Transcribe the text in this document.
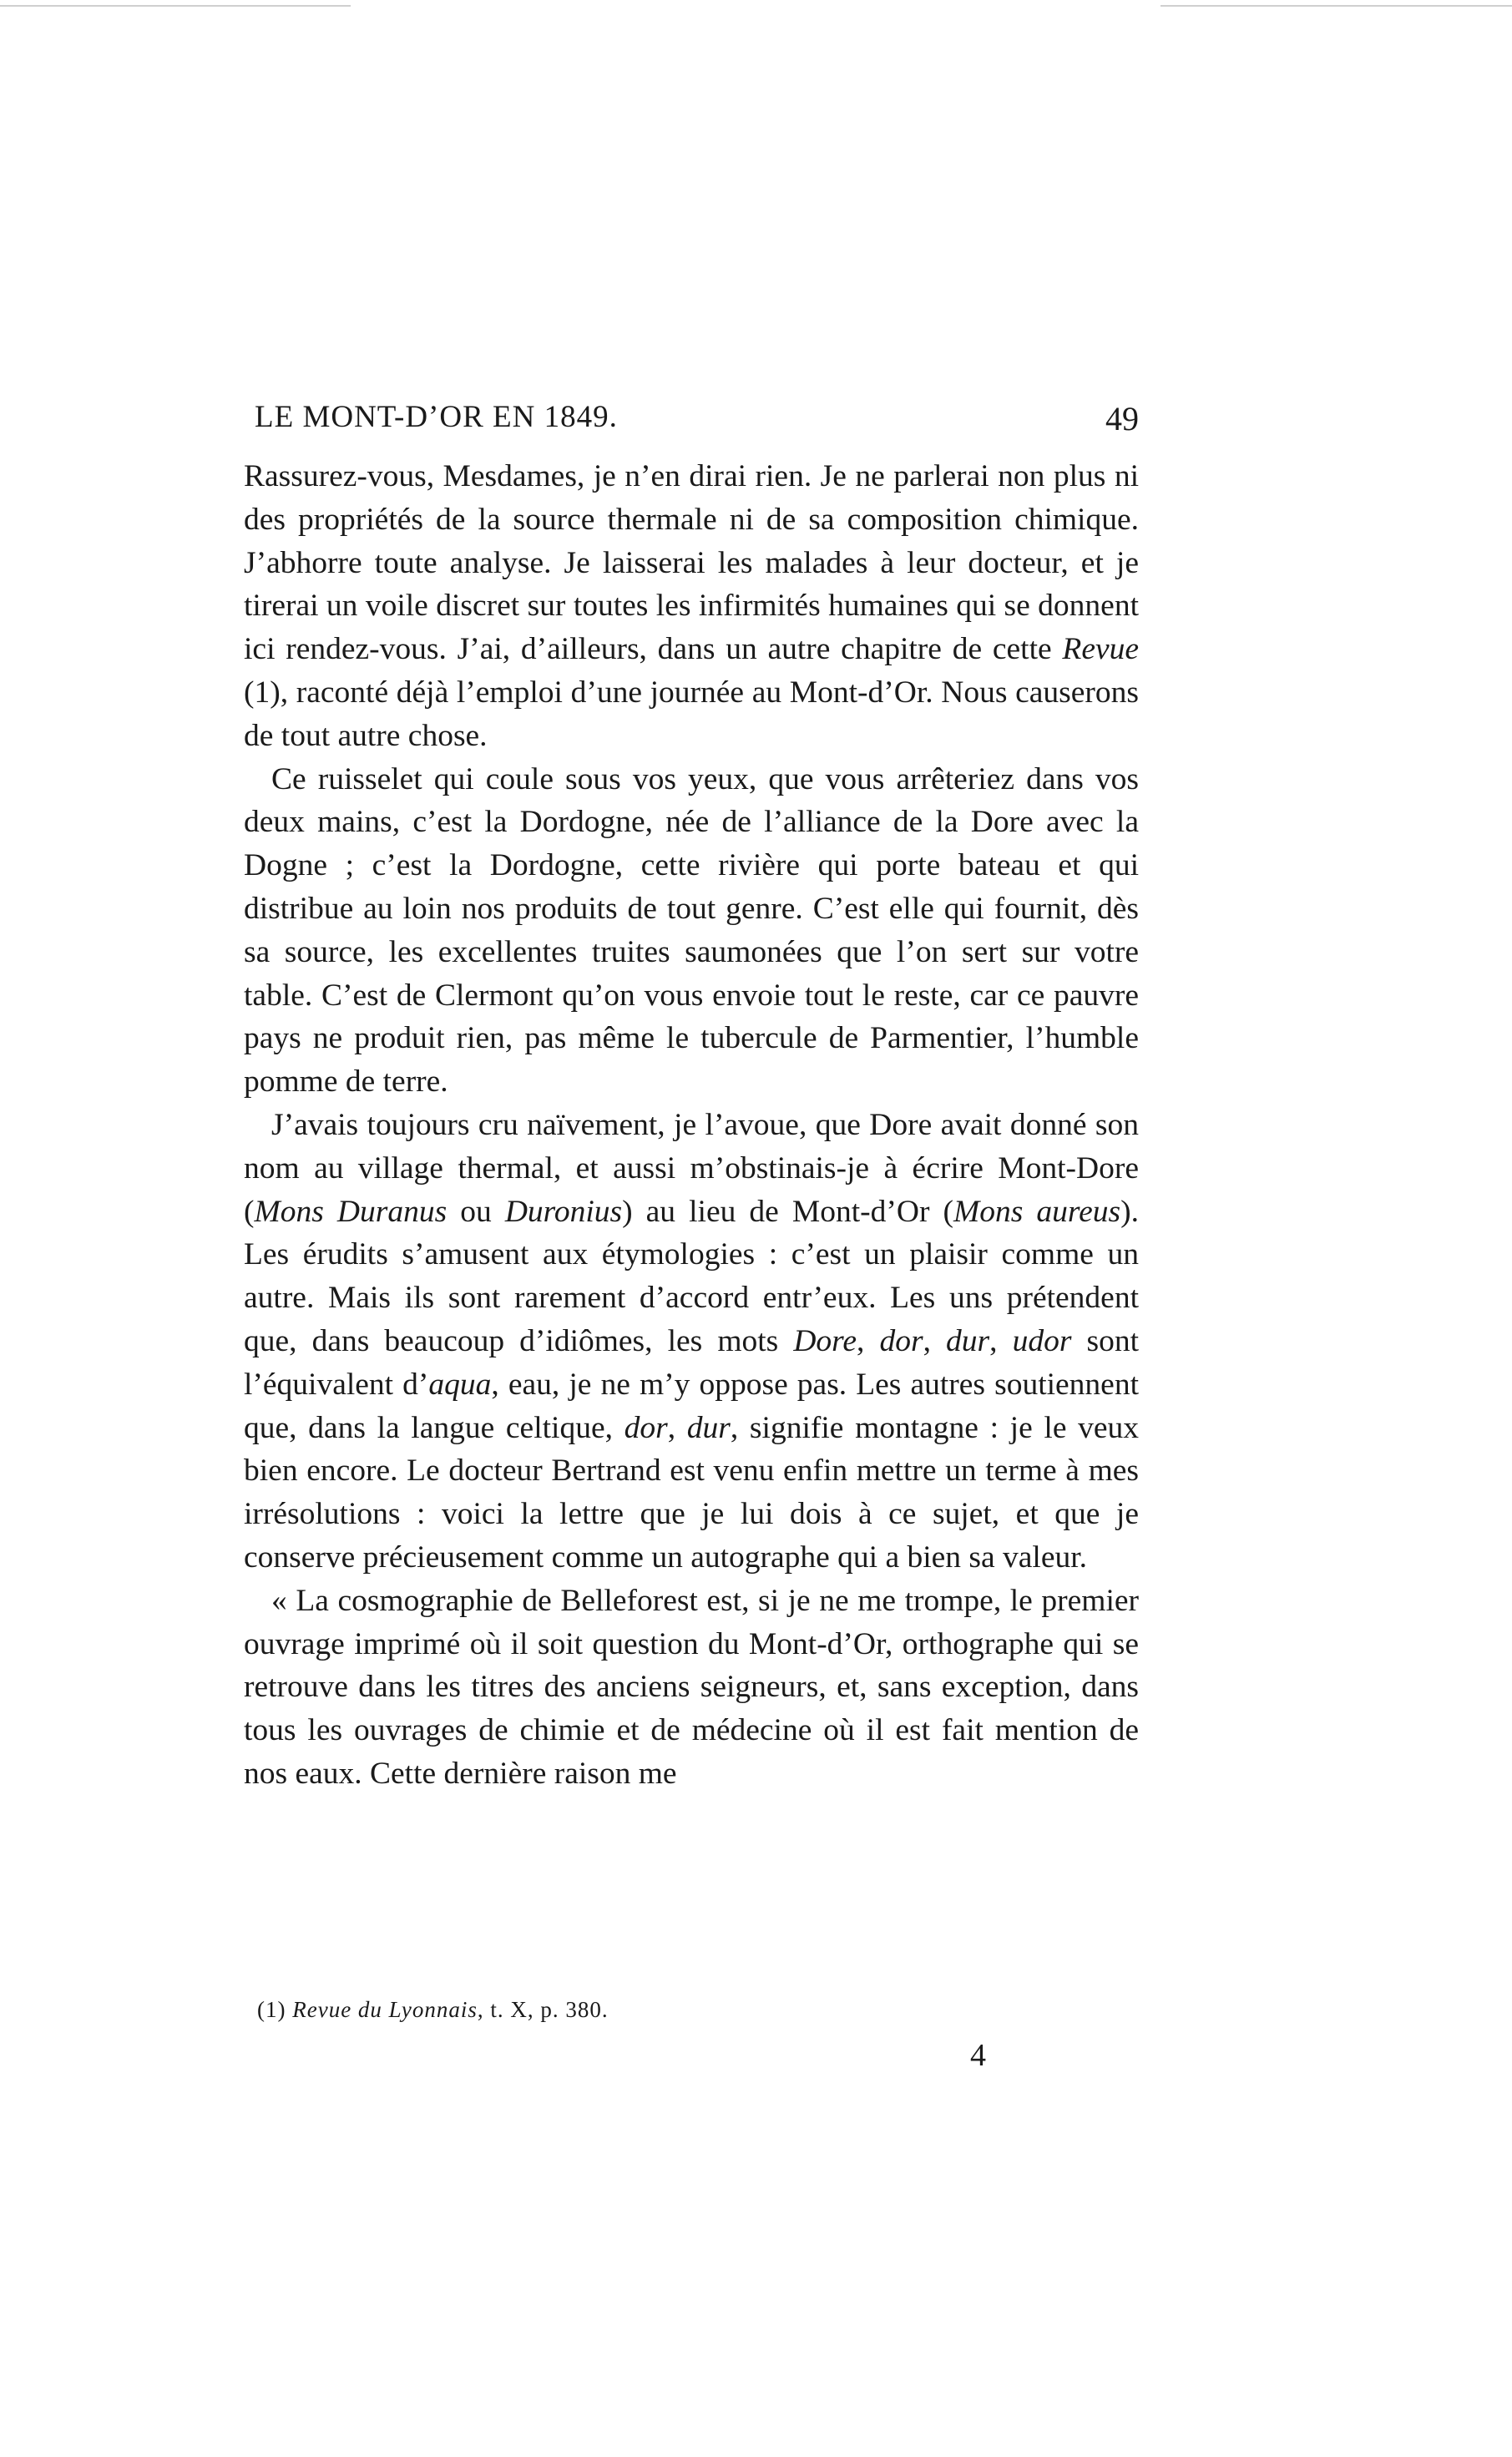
LE MONT-D’OR EN 1849.	49

Rassurez-vous, Mesdames, je n’en dirai rien. Je ne parlerai non plus ni des propriétés de la source thermale ni de sa composition chimique. J’abhorre toute analyse. Je laisserai les malades à leur docteur, et je tirerai un voile discret sur toutes les infirmités humaines qui se donnent ici rendez-vous. J’ai, d’ailleurs, dans un autre chapitre de cette Revue (1), raconté déjà l’emploi d’une journée au Mont-d’Or. Nous causerons de tout autre chose.

Ce ruisselet qui coule sous vos yeux, que vous arrêteriez dans vos deux mains, c’est la Dordogne, née de l’alliance de la Dore avec la Dogne ; c’est la Dordogne, cette rivière qui porte bateau et qui distribue au loin nos produits de tout genre. C’est elle qui fournit, dès sa source, les excellentes truites saumonées que l’on sert sur votre table. C’est de Clermont qu’on vous envoie tout le reste, car ce pauvre pays ne produit rien, pas même le tubercule de Parmentier, l’humble pomme de terre.

J’avais toujours cru naïvement, je l’avoue, que Dore avait donné son nom au village thermal, et aussi m’obstinais-je à écrire Mont-Dore (Mons Duranus ou Duronius) au lieu de Mont-d’Or (Mons aureus). Les érudits s’amusent aux étymologies : c’est un plaisir comme un autre. Mais ils sont rarement d’accord entr’eux. Les uns prétendent que, dans beaucoup d’idiômes, les mots Dore, dor, dur, udor sont l’équivalent d’aqua, eau, je ne m’y oppose pas. Les autres soutiennent que, dans la langue celtique, dor, dur, signifie montagne : je le veux bien encore. Le docteur Bertrand est venu enfin mettre un terme à mes irrésolutions : voici la lettre que je lui dois à ce sujet, et que je conserve précieusement comme un autographe qui a bien sa valeur.

« La cosmographie de Belleforest est, si je ne me trompe, le premier ouvrage imprimé où il soit question du Mont-d’Or, orthographe qui se retrouve dans les titres des anciens seigneurs, et, sans exception, dans tous les ouvrages de chimie et de médecine où il est fait mention de nos eaux. Cette dernière raison me

(1) Revue du Lyonnais, t. X, p. 380.
4
